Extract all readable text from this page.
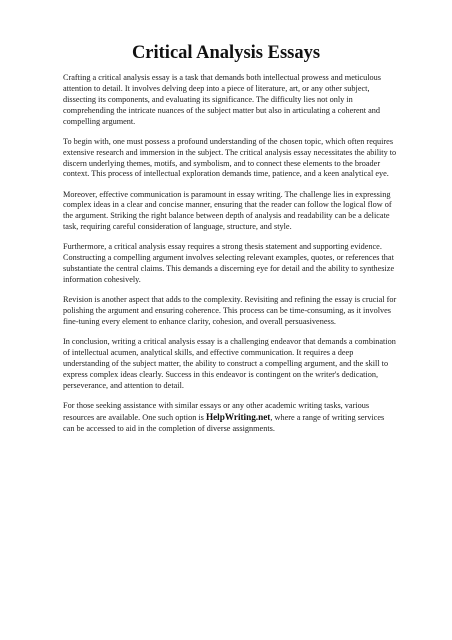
Critical Analysis Essays

Crafting a critical analysis essay is a task that demands both intellectual prowess and meticulous attention to detail. It involves delving deep into a piece of literature, art, or any other subject, dissecting its components, and evaluating its significance. The difficulty lies not only in comprehending the intricate nuances of the subject matter but also in articulating a coherent and compelling argument.

To begin with, one must possess a profound understanding of the chosen topic, which often requires extensive research and immersion in the subject. The critical analysis essay necessitates the ability to discern underlying themes, motifs, and symbolism, and to connect these elements to the broader context. This process of intellectual exploration demands time, patience, and a keen analytical eye.

Moreover, effective communication is paramount in essay writing. The challenge lies in expressing complex ideas in a clear and concise manner, ensuring that the reader can follow the logical flow of the argument. Striking the right balance between depth of analysis and readability can be a delicate task, requiring careful consideration of language, structure, and style.

Furthermore, a critical analysis essay requires a strong thesis statement and supporting evidence. Constructing a compelling argument involves selecting relevant examples, quotes, or references that substantiate the central claims. This demands a discerning eye for detail and the ability to synthesize information cohesively.

Revision is another aspect that adds to the complexity. Revisiting and refining the essay is crucial for polishing the argument and ensuring coherence. This process can be time-consuming, as it involves fine-tuning every element to enhance clarity, cohesion, and overall persuasiveness.

In conclusion, writing a critical analysis essay is a challenging endeavor that demands a combination of intellectual acumen, analytical skills, and effective communication. It requires a deep understanding of the subject matter, the ability to construct a compelling argument, and the skill to express complex ideas clearly. Success in this endeavor is contingent on the writer's dedication, perseverance, and attention to detail.

For those seeking assistance with similar essays or any other academic writing tasks, various resources are available. One such option is HelpWriting.net, where a range of writing services can be accessed to aid in the completion of diverse assignments.
